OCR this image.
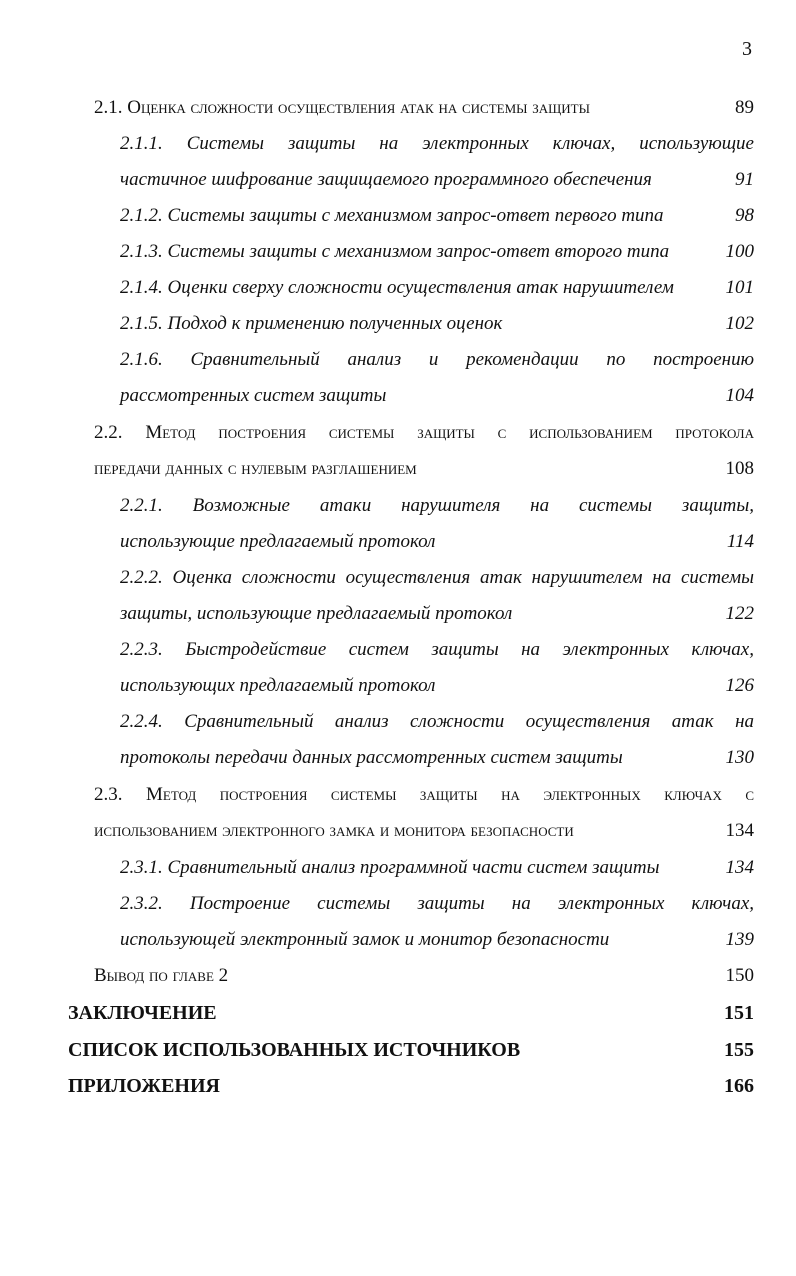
3
2.1. Оценка сложности осуществления атак на системы защиты	89
2.1.1. Системы защиты на электронных ключах, использующие
частичное шифрование защищаемого программного обеспечения	91
2.1.2. Системы защиты с механизмом запрос-ответ первого типа	98
2.1.3. Системы защиты с механизмом запрос-ответ второго типа	100
2.1.4. Оценки сверху сложности осуществления атак нарушителем	101
2.1.5. Подход к применению полученных оценок	102
2.1.6. Сравнительный анализ и рекомендации по построению
рассмотренных систем защиты	104
2.2. Метод построения системы защиты с использованием протокола
передачи данных с нулевым разглашением	108
2.2.1. Возможные атаки нарушителя на системы защиты,
использующие предлагаемый протокол	114
2.2.2. Оценка сложности осуществления атак нарушителем на системы
защиты, использующие предлагаемый протокол	122
2.2.3. Быстродействие систем защиты на электронных ключах,
использующих предлагаемый протокол	126
2.2.4. Сравнительный анализ сложности осуществления атак на
протоколы передачи данных рассмотренных систем защиты	130
2.3. Метод построения системы защиты на электронных ключах с
использованием электронного замка и монитора безопасности	134
2.3.1. Сравнительный анализ программной части систем защиты	134
2.3.2. Построение системы защиты на электронных ключах,
использующей электронный замок и монитор безопасности	139
Вывод по главе 2	150
ЗАКЛЮЧЕНИЕ	151
СПИСОК ИСПОЛЬЗОВАННЫХ ИСТОЧНИКОВ	155
ПРИЛОЖЕНИЯ	166
